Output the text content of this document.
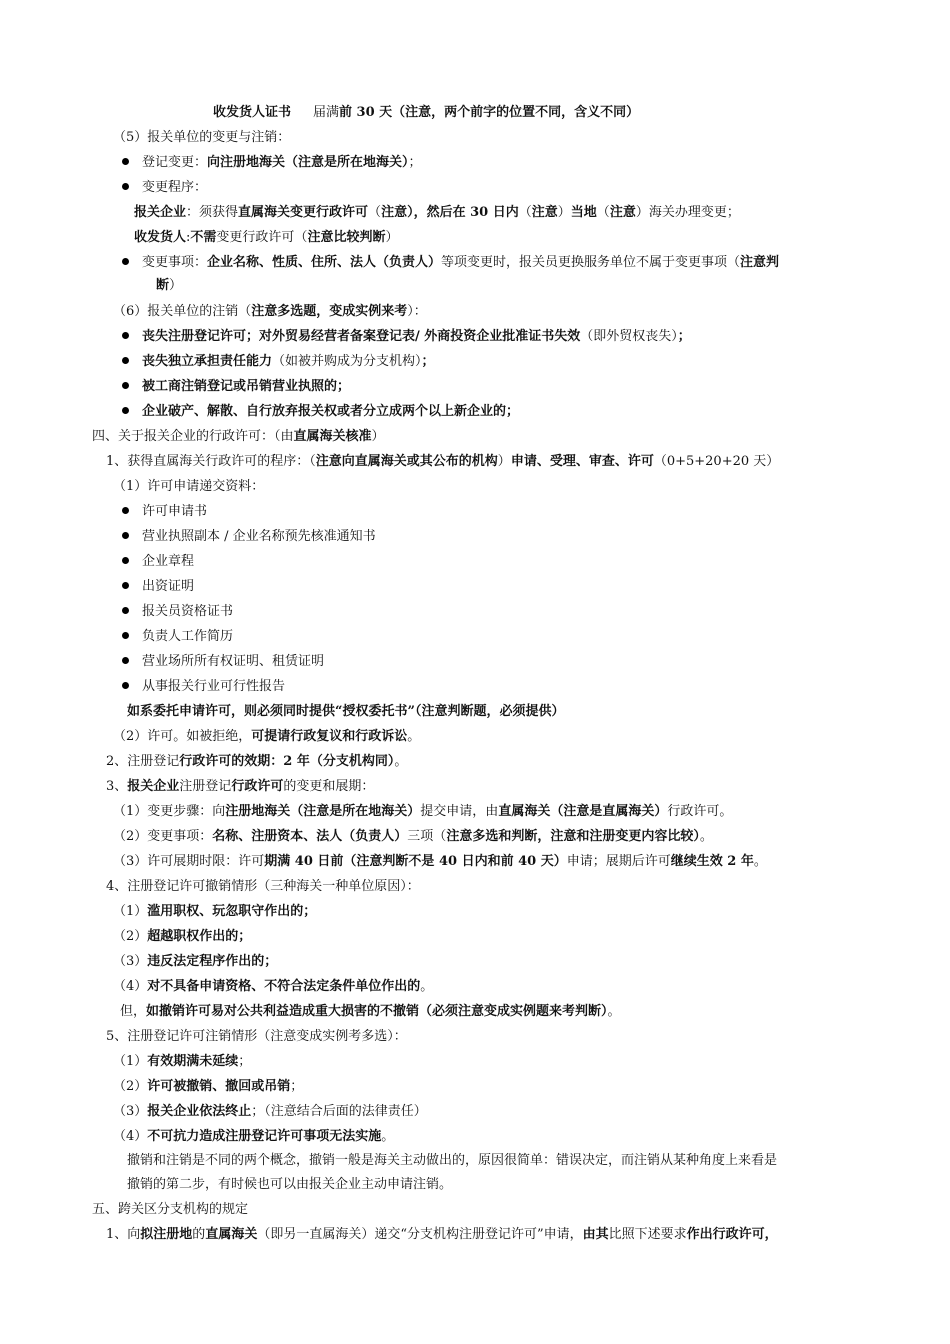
收发货人证书 届满前 30 天（注意，两个前字的位置不同，含义不同）
（5）报关单位的变更与注销：
登记变更：向注册地海关（注意是所在地海关）；
变更程序：
报关企业：须获得直属海关变更行政许可（注意），然后在 30 日内（注意）当地（注意）海关办理变更；
收发货人:不需变更行政许可（注意比较判断）
变更事项：企业名称、性质、住所、法人（负责人）等项变更时，报关员更换服务单位不属于变更事项（注意判
断）
（6）报关单位的注销（注意多选题，变成实例来考）：
丧失注册登记许可；对外贸易经营者备案登记表/ 外商投资企业批准证书失效（即外贸权丧失）；
丧失独立承担责任能力（如被并购成为分支机构）；
被工商注销登记或吊销营业执照的；
企业破产、解散、自行放弃报关权或者分立成两个以上新企业的；
四、关于报关企业的行政许可：（由直属海关核准）
1、获得直属海关行政许可的程序：（注意向直属海关或其公布的机构）申请、受理、审查、许可（0+5+20+20 天）
（1）许可申请递交资料：
许可申请书
营业执照副本 / 企业名称预先核准通知书
企业章程
出资证明
报关员资格证书
负责人工作简历
营业场所所有权证明、租赁证明
从事报关行业可行性报告
如系委托申请许可，则必须同时提供“授权委托书”（注意判断题，必须提供）
（2）许可。如被拒绝，可提请行政复议和行政诉讼。
2、注册登记行政许可的效期：2 年（分支机构同）。
3、报关企业注册登记行政许可的变更和展期：
（1）变更步骤：向注册地海关（注意是所在地海关）提交申请，由直属海关（注意是直属海关）行政许可。
（2）变更事项：名称、注册资本、法人（负责人）三项（注意多选和判断，注意和注册变更内容比较）。
（3）许可展期时限：许可期满 40 日前（注意判断不是 40 日内和前 40 天）申请；展期后许可继续生效 2 年。
4、注册登记许可撤销情形（三种海关一种单位原因）：
（1）滥用职权、玩忽职守作出的；
（2）超越职权作出的；
（3）违反法定程序作出的；
（4）对不具备申请资格、不符合法定条件单位作出的。
但，如撤销许可易对公共利益造成重大损害的不撤销（必须注意变成实例题来考判断）。
5、注册登记许可注销情形（注意变成实例考多选）：
（1）有效期满未延续；
（2）许可被撤销、撤回或吊销；
（3）报关企业依法终止；（注意结合后面的法律责任）
（4）不可抗力造成注册登记许可事项无法实施。
撤销和注销是不同的两个概念，撤销一般是海关主动做出的，原因很简单：错误决定，而注销从某种角度上来看是
撤销的第二步，有时候也可以由报关企业主动申请注销。
五、跨关区分支机构的规定
1、向拟注册地的直属海关（即另一直属海关）递交“分支机构注册登记许可”申请，由其比照下述要求作出行政许可，
